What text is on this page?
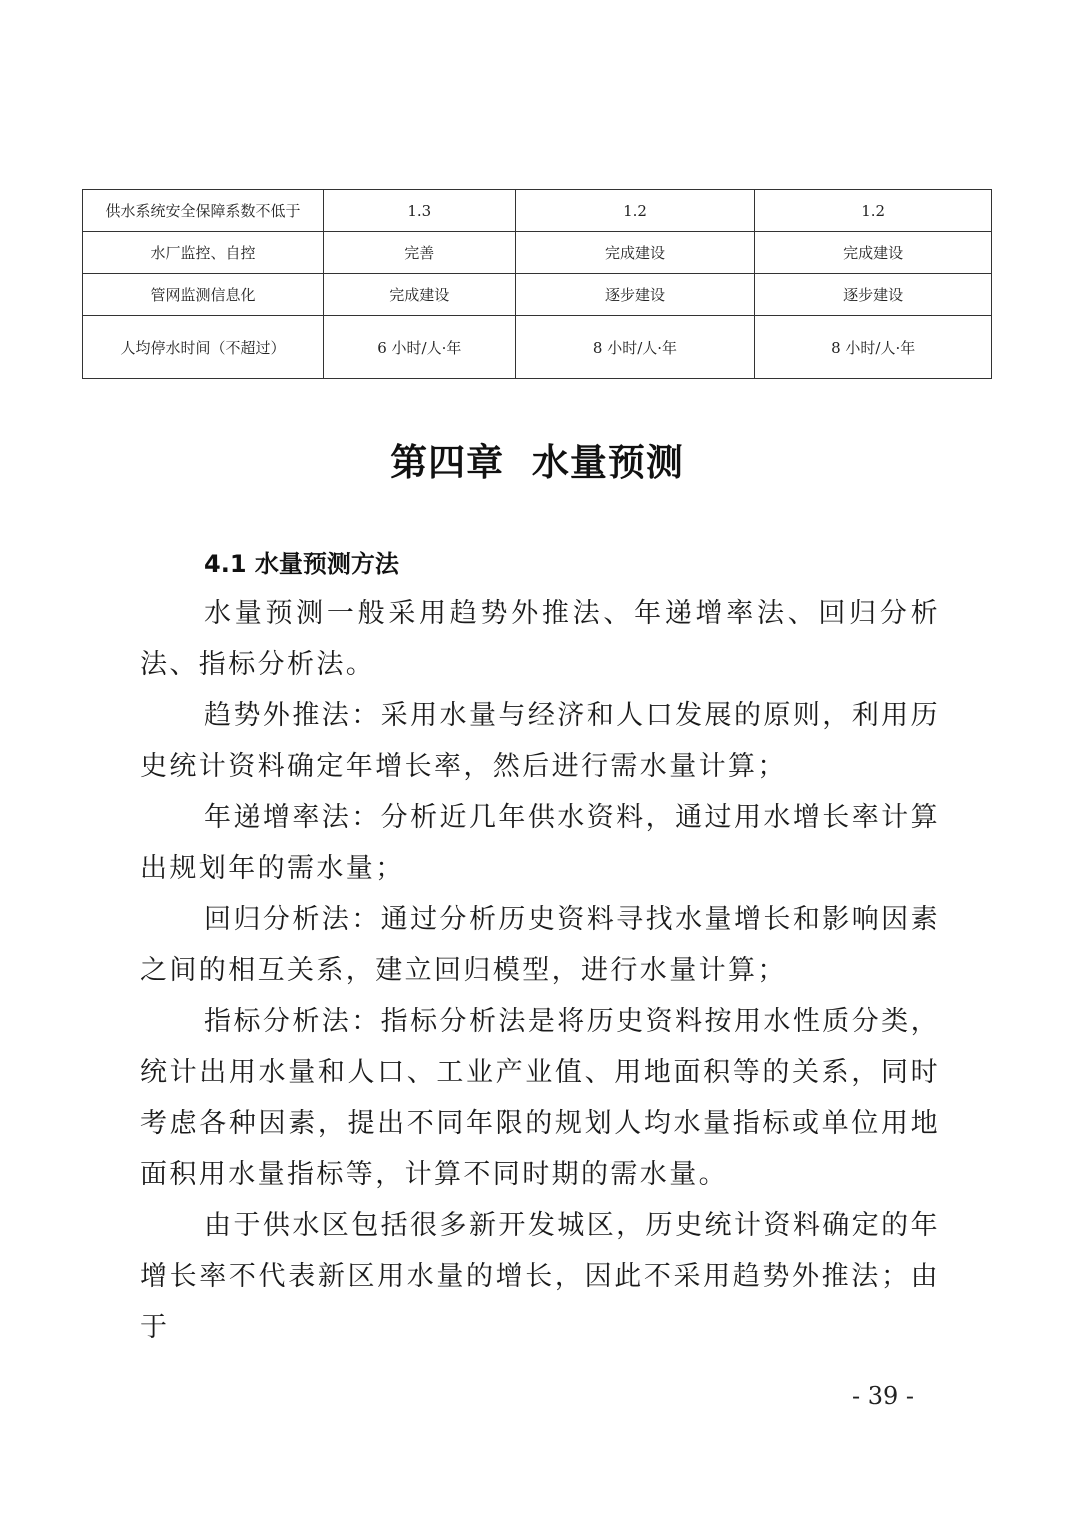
供水系统安全保障系数不低于	1.3	1.2	1.2
水厂监控、自控	完善	完成建设	完成建设
管网监测信息化	完成建设	逐步建设	逐步建设
人均停水时间（不超过）	6 小时/人·年	8 小时/人·年	8 小时/人·年
第四章  水量预测
4.1 水量预测方法

水量预测一般采用趋势外推法、年递增率法、回归分析法、指标分析法。

趋势外推法：采用水量与经济和人口发展的原则，利用历史统计资料确定年增长率，然后进行需水量计算；

年递增率法：分析近几年供水资料，通过用水增长率计算出规划年的需水量；

回归分析法：通过分析历史资料寻找水量增长和影响因素之间的相互关系，建立回归模型，进行水量计算；

指标分析法：指标分析法是将历史资料按用水性质分类，统计出用水量和人口、工业产业值、用地面积等的关系，同时考虑各种因素，提出不同年限的规划人均水量指标或单位用地面积用水量指标等，计算不同时期的需水量。

由于供水区包括很多新开发城区，历史统计资料确定的年增长率不代表新区用水量的增长，因此不采用趋势外推法；由于

- 39 -
